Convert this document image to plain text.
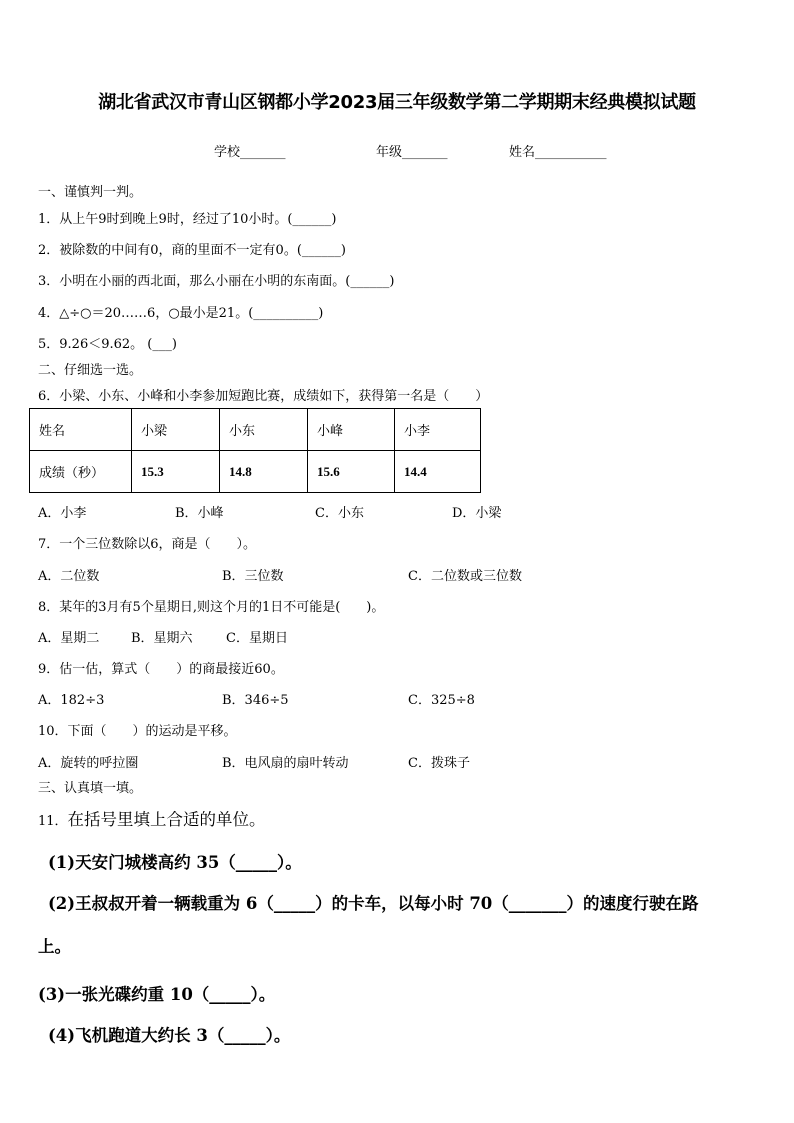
湖北省武汉市青山区钢都小学2023届三年级数学第二学期期末经典模拟试题
学校_______	年级_______	姓名___________
一、谨慎判一判。
1．从上午9时到晚上9时，经过了10小时。(______)
2．被除数的中间有0，商的里面不一定有0。(______)
3．小明在小丽的西北面，那么小丽在小明的东南面。(______)
4．△÷○＝20……6，○最小是21。(__________)
5．9.26＜9.62。 (___)
二、仔细选一选。
6．小梁、小东、小峰和小李参加短跑比赛，成绩如下，获得第一名是（　　）
姓名	小梁	小东	小峰	小李
成绩（秒）	15.3	14.8	15.6	14.4
A．小李	B．小峰	C．小东	D．小梁
7．一个三位数除以6，商是（　　）。
A．二位数	B．三位数	C．二位数或三位数
8．某年的3月有5个星期日,则这个月的1日不可能是(　　)。
A．星期二 B．星期六	C．星期日
9．估一估，算式（　　）的商最接近60。
A．182÷3	B．346÷5	C．325÷8
10．下面（　　）的运动是平移。
A．旋转的呼拉圈	B．电风扇的扇叶转动	C．拨珠子
三、认真填一填。
11．在括号里填上合适的单位。
(1)天安门城楼高约 35（_____）。
(2)王叔叔开着一辆载重为 6（_____）的卡车，以每小时 70（_______）的速度行驶在路
上。
(3)一张光碟约重 10（_____）。
(4)飞机跑道大约长 3（_____）。
